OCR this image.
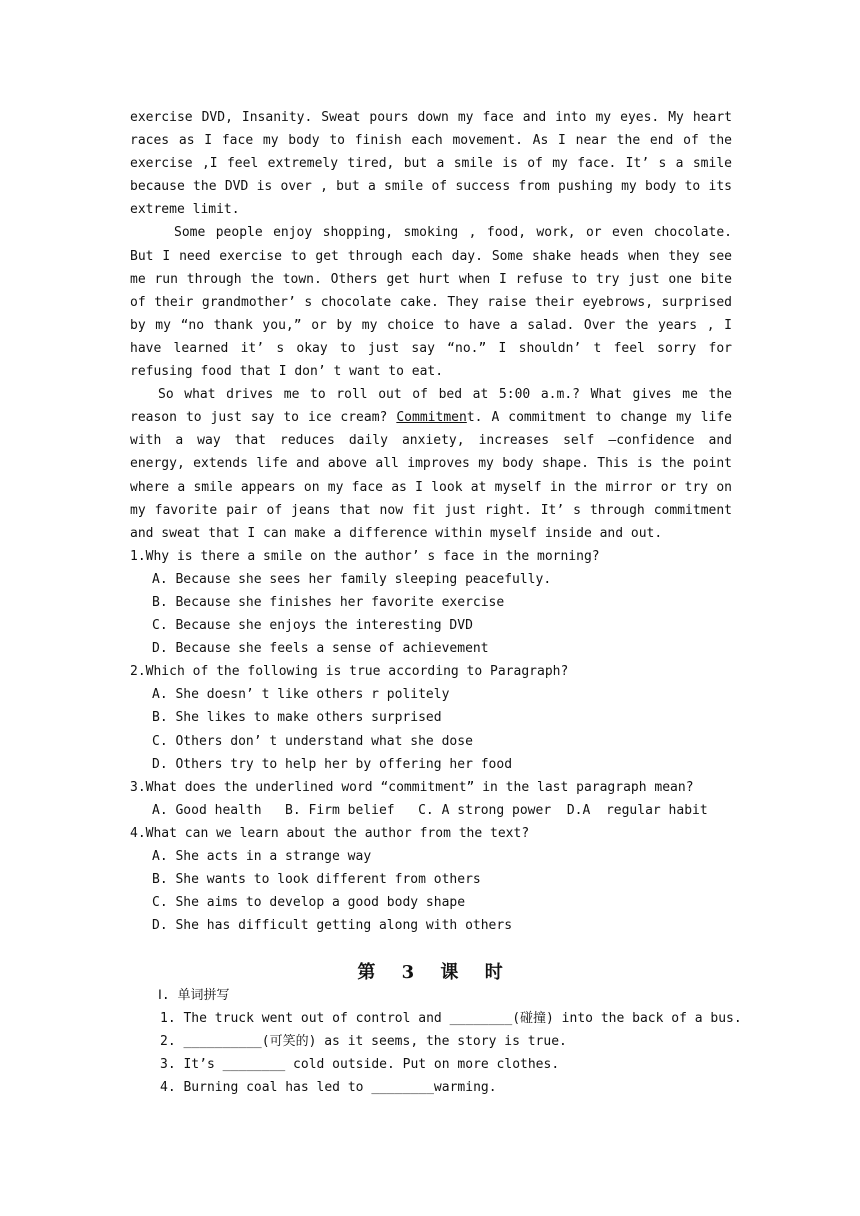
exercise DVD, Insanity. Sweat pours down my face and into my eyes. My heart races as I face my body to finish each movement. As I near the end of the exercise ,I feel extremely tired, but a smile is of my face. It’ s a smile because the DVD is over , but a smile of success from pushing my body to its extreme limit.

Some people enjoy shopping, smoking , food, work, or even chocolate. But I need exercise to get through each day. Some shake heads when they see me run through the town. Others get hurt when I refuse to try just one bite of their grandmother’ s chocolate cake. They raise their eyebrows, surprised by my “no thank you,” or by my choice to have a salad. Over the years , I have learned it’ s okay to just say “no.” I shouldn’ t feel sorry for refusing food that I don’ t want to eat.

So what drives me to roll out of bed at 5:00 a.m.? What gives me the reason to just say to ice cream? Commitment. A commitment to change my life with a way that reduces daily anxiety, increases self –confidence and energy, extends life and above all improves my body shape. This is the point where a smile appears on my face as I look at myself in the mirror or try on my favorite pair of jeans that now fit just right. It’ s through commitment and sweat that I can make a difference within myself inside and out.

1.Why is there a smile on the author’ s face in the morning?

A. Because she sees her family sleeping peacefully.

B. Because she finishes her favorite exercise

C. Because she enjoys the interesting DVD

D. Because she feels a sense of achievement

2.Which of the following is true according to Paragraph?

A. She doesn’ t like others r politely

B. She likes to make others surprised

C. Others don’ t understand what she dose

D. Others try to help her by offering her food

3.What does the underlined word “commitment” in the last paragraph mean?

A. Good health   B. Firm belief   C. A strong power  D.A  regular habit

4.What can we learn about the author from the text?

A. She acts in a strange way

B. She wants to look different from others

C. She aims to develop a good body shape

D. She has difficult getting along with others

第 3 课 时

Ⅰ. 单词拼写

1. The truck went out of control and ________(碰撞) into the back of a bus.

2. __________(可笑的) as it seems, the story is true.

3. It’s ________ cold outside. Put on more clothes.

4. Burning coal has led to ________warming.
